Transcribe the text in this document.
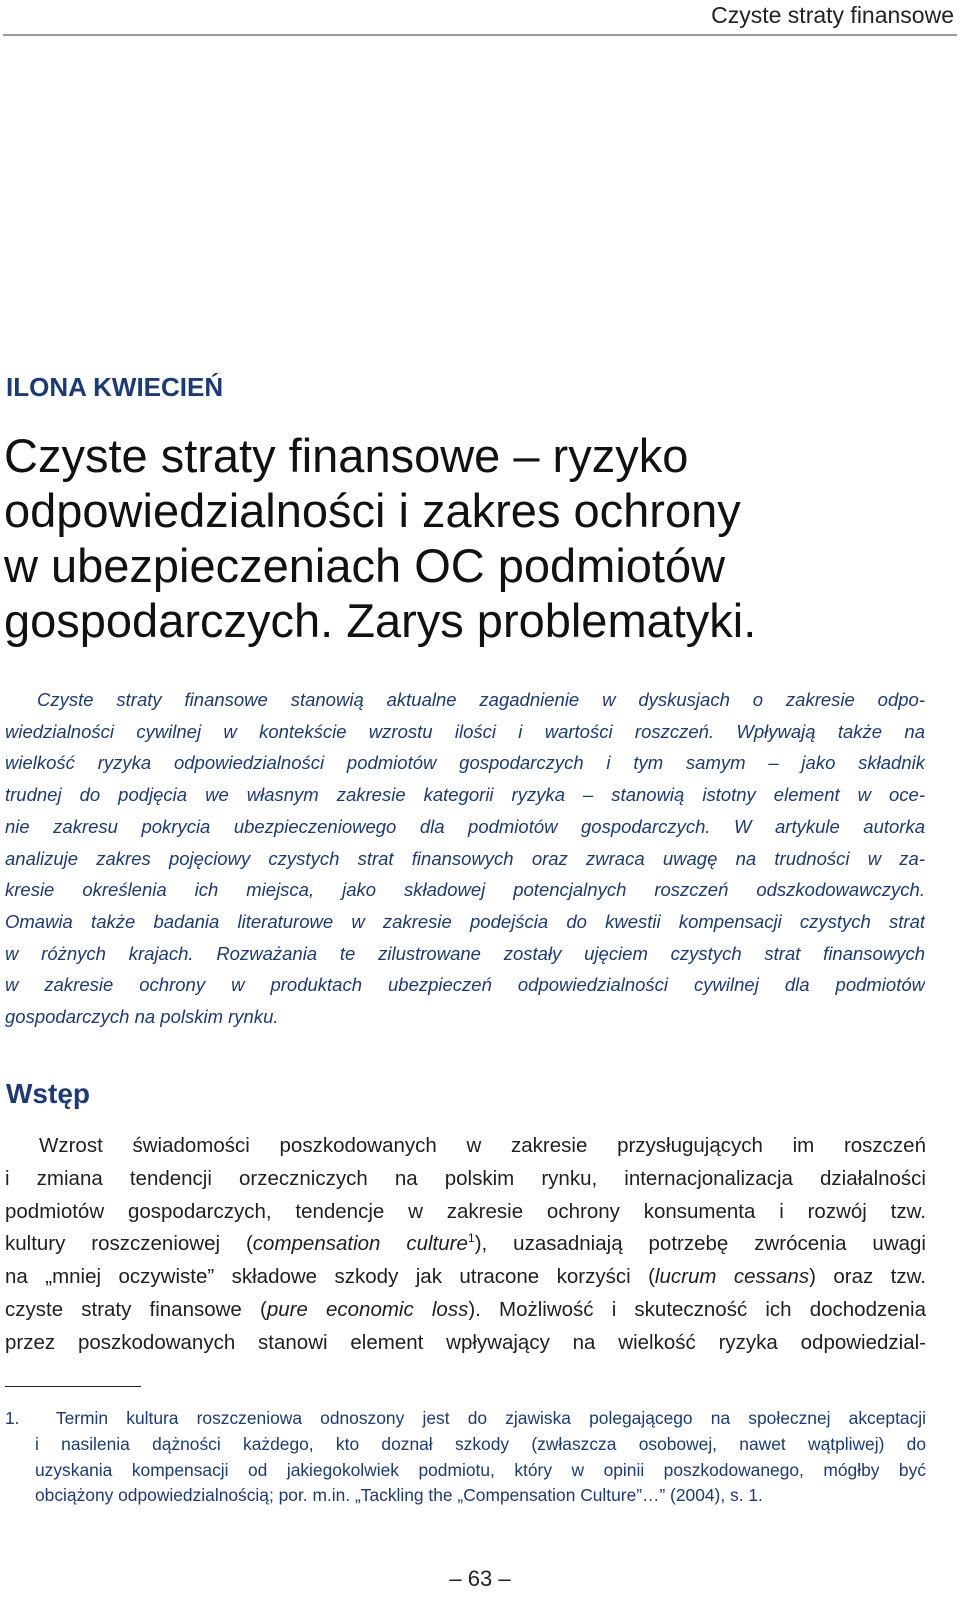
Czyste straty finansowe
ILONA KWIECIEŃ
Czyste straty finansowe – ryzyko
odpowiedzialności i zakres ochrony
w ubezpieczeniach OC podmiotów
gospodarczych. Zarys problematyki.
Czyste straty finansowe stanowią aktualne zagadnienie w dyskusjach o zakresie odpo-
wiedzialności cywilnej w kontekście wzrostu ilości i wartości roszczeń. Wpływają także na
wielkość ryzyka odpowiedzialności podmiotów gospodarczych i tym samym – jako składnik
trudnej do podjęcia we własnym zakresie kategorii ryzyka – stanowią istotny element w oce-
nie zakresu pokrycia ubezpieczeniowego dla podmiotów gospodarczych. W artykule autorka
analizuje zakres pojęciowy czystych strat finansowych oraz zwraca uwagę na trudności w za-
kresie określenia ich miejsca, jako składowej potencjalnych roszczeń odszkodowawczych.
Omawia także badania literaturowe w zakresie podejścia do kwestii kompensacji czystych strat
w różnych krajach. Rozważania te zilustrowane zostały ujęciem czystych strat finansowych
w zakresie ochrony w produktach ubezpieczeń odpowiedzialności cywilnej dla podmiotów
gospodarczych na polskim rynku.
Wstęp
Wzrost świadomości poszkodowanych w zakresie przysługujących im roszczeń
i zmiana tendencji orzeczniczych na polskim rynku, internacjonalizacja działalności
podmiotów gospodarczych, tendencje w zakresie ochrony konsumenta i rozwój tzw.
kultury roszczeniowej (compensation culture$^1$), uzasadniają potrzebę zwrócenia uwagi
na „mniej oczywiste” składowe szkody jak utracone korzyści (lucrum cessans) oraz tzw.
czyste straty finansowe (pure economic loss). Możliwość i skuteczność ich dochodzenia
przez poszkodowanych stanowi element wpływający na wielkość ryzyka odpowiedzial-
1. Termin kultura roszczeniowa odnoszony jest do zjawiska polegającego na społecznej akceptacji
i nasilenia dążności każdego, kto doznał szkody (zwłaszcza osobowej, nawet wątpliwej) do
uzyskania kompensacji od jakiegokolwiek podmiotu, który w opinii poszkodowanego, mógłby być
obciążony odpowiedzialnością; por. m.in. „Tackling the „Compensation Culture”…” (2004), s. 1.
– 63 –
